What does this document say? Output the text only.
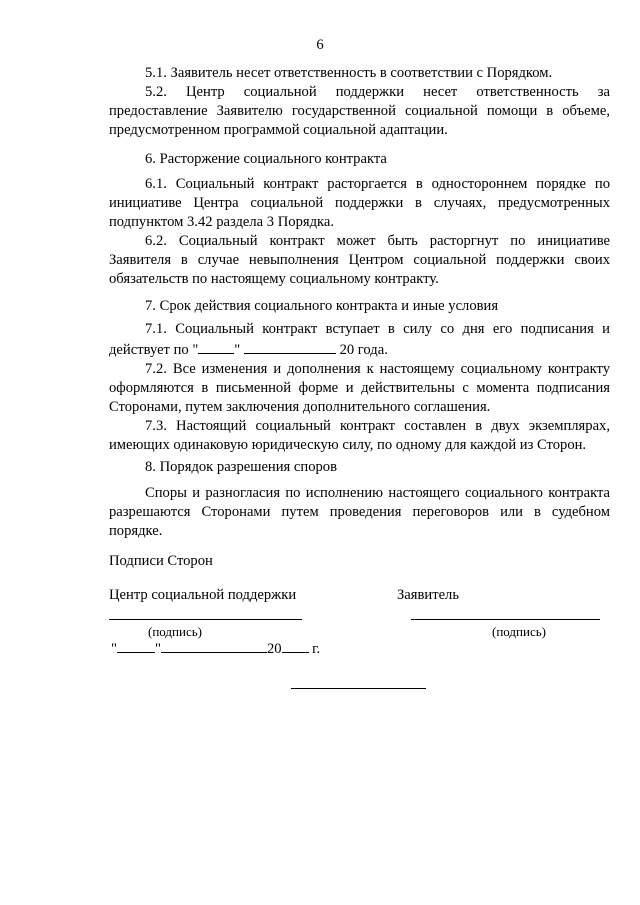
6

5.1. Заявитель несет ответственность в соответствии с Порядком.

5.2. Центр социальной поддержки несет ответственность за предоставление Заявителю государственной социальной помощи в объеме, предусмотренном программой социальной адаптации.

6. Расторжение социального контракта

6.1. Социальный контракт расторгается в одностороннем порядке по инициативе Центра социальной поддержки в случаях, предусмотренных подпунктом 3.42 раздела 3 Порядка.

6.2. Социальный контракт может быть расторгнут по инициативе Заявителя в случае невыполнения Центром социальной поддержки своих обязательств по настоящему социальному контракту.

7. Срок действия социального контракта и иные условия

7.1. Социальный контракт вступает в силу со дня его подписания и действует по " "	20 года.

7.2. Все изменения и дополнения к настоящему социальному контракту оформляются в письменной форме и действительны с момента подписания Сторонами, путем заключения дополнительного соглашения.

7.3. Настоящий социальный контракт составлен в двух экземплярах, имеющих одинаковую юридическую силу, по одному для каждой из Сторон.

8. Порядок разрешения споров

Споры и разногласия по исполнению настоящего социального контракта разрешаются Сторонами путем проведения переговоров или в судебном порядке.

Подписи Сторон

Центр социальной поддержки	Заявитель

(подпись)	(подпись)

"	"	20 г.
